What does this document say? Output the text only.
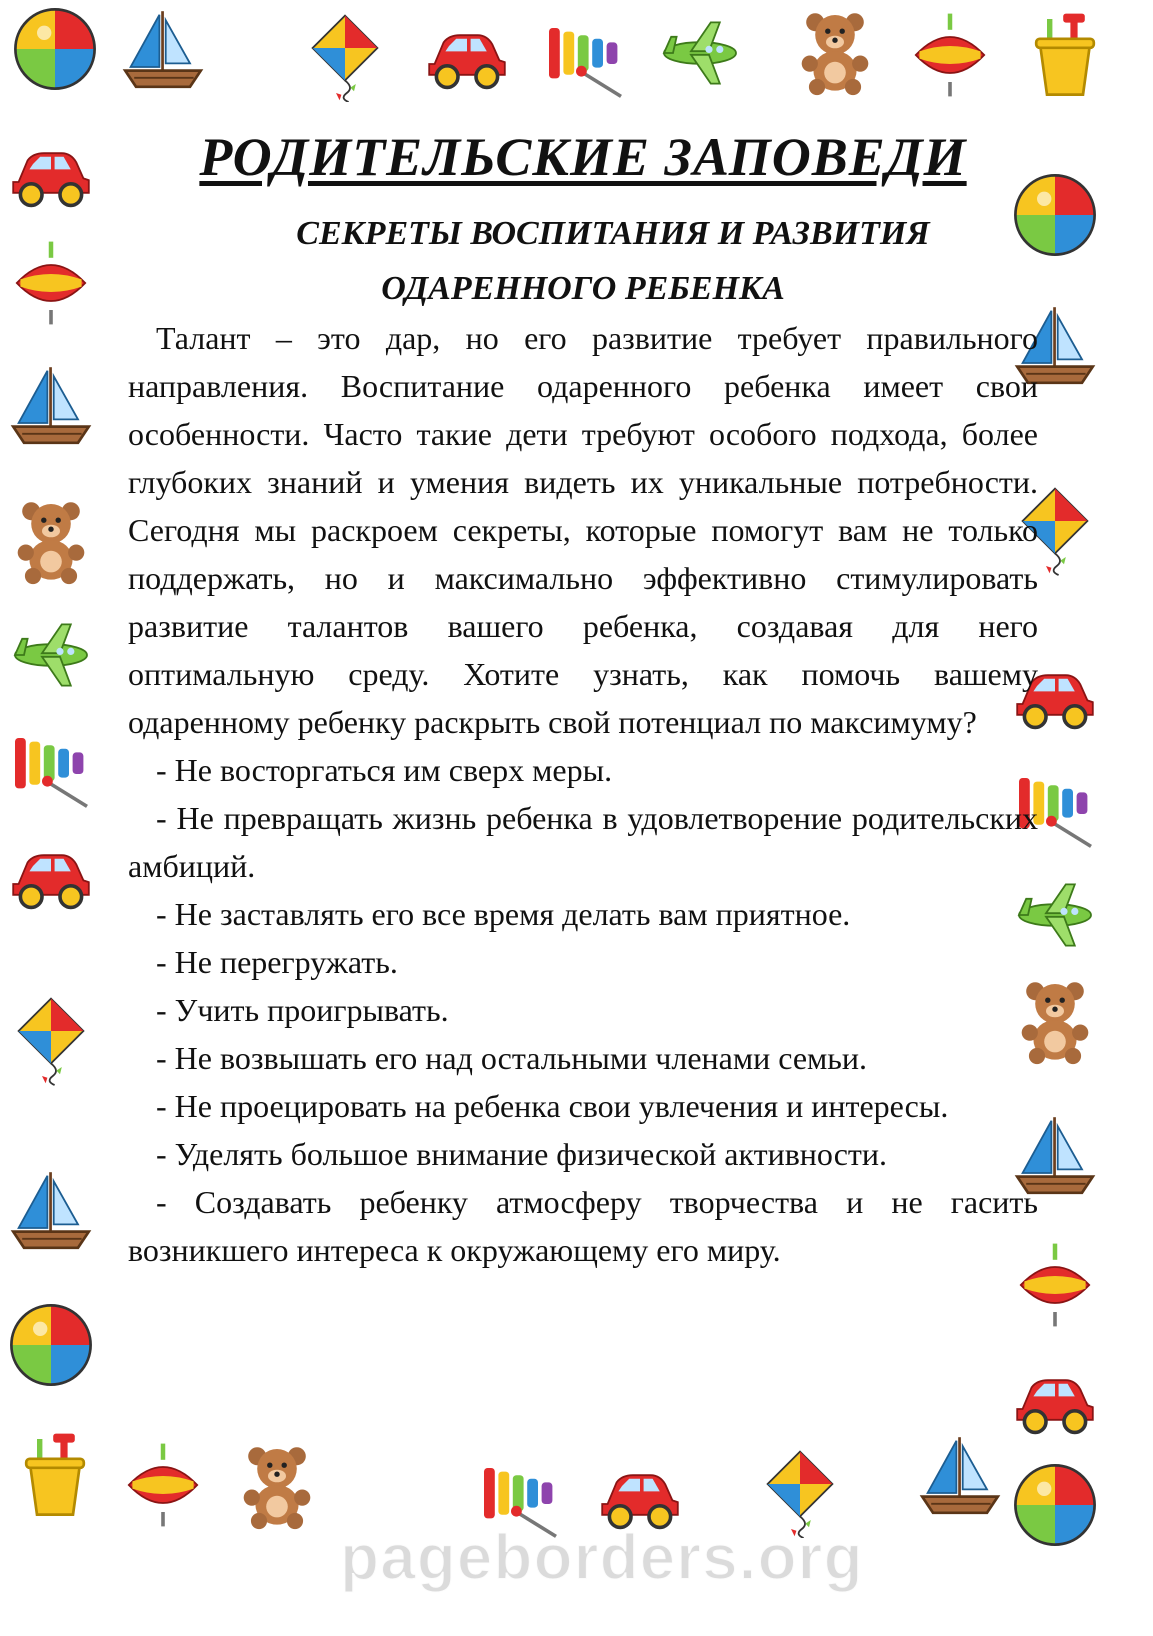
РОДИТЕЛЬСКИЕ ЗАПОВЕДИ
СЕКРЕТЫ ВОСПИТАНИЯ И РАЗВИТИЯ
ОДАРЕННОГО РЕБЕНКА

Талант – это дар, но его развитие требует правильного направления. Воспитание одаренного ребенка имеет свои особенности. Часто такие дети требуют особого подхода, более глубоких знаний и умения видеть их уникальные потребности. Сегодня мы раскроем секреты, которые помогут вам не только поддержать, но и максимально эффективно стимулировать развитие талантов вашего ребенка, создавая для него оптимальную среду. Хотите узнать, как помочь вашему одаренному ребенку раскрыть свой потенциал по максимуму?

- Не восторгаться им сверх меры.

- Не превращать жизнь ребенка в удовлетворение родительских амбиций.

- Не заставлять его все время делать вам приятное.

- Не перегружать.

- Учить проигрывать.

- Не возвышать его над остальными членами семьи.

- Не проецировать на ребенка свои увлечения и интересы.

- Уделять большое внимание физической активности.

- Создавать ребенку атмосферу творчества и не гасить возникшего интереса к окружающему его миру.

pageborders.org
